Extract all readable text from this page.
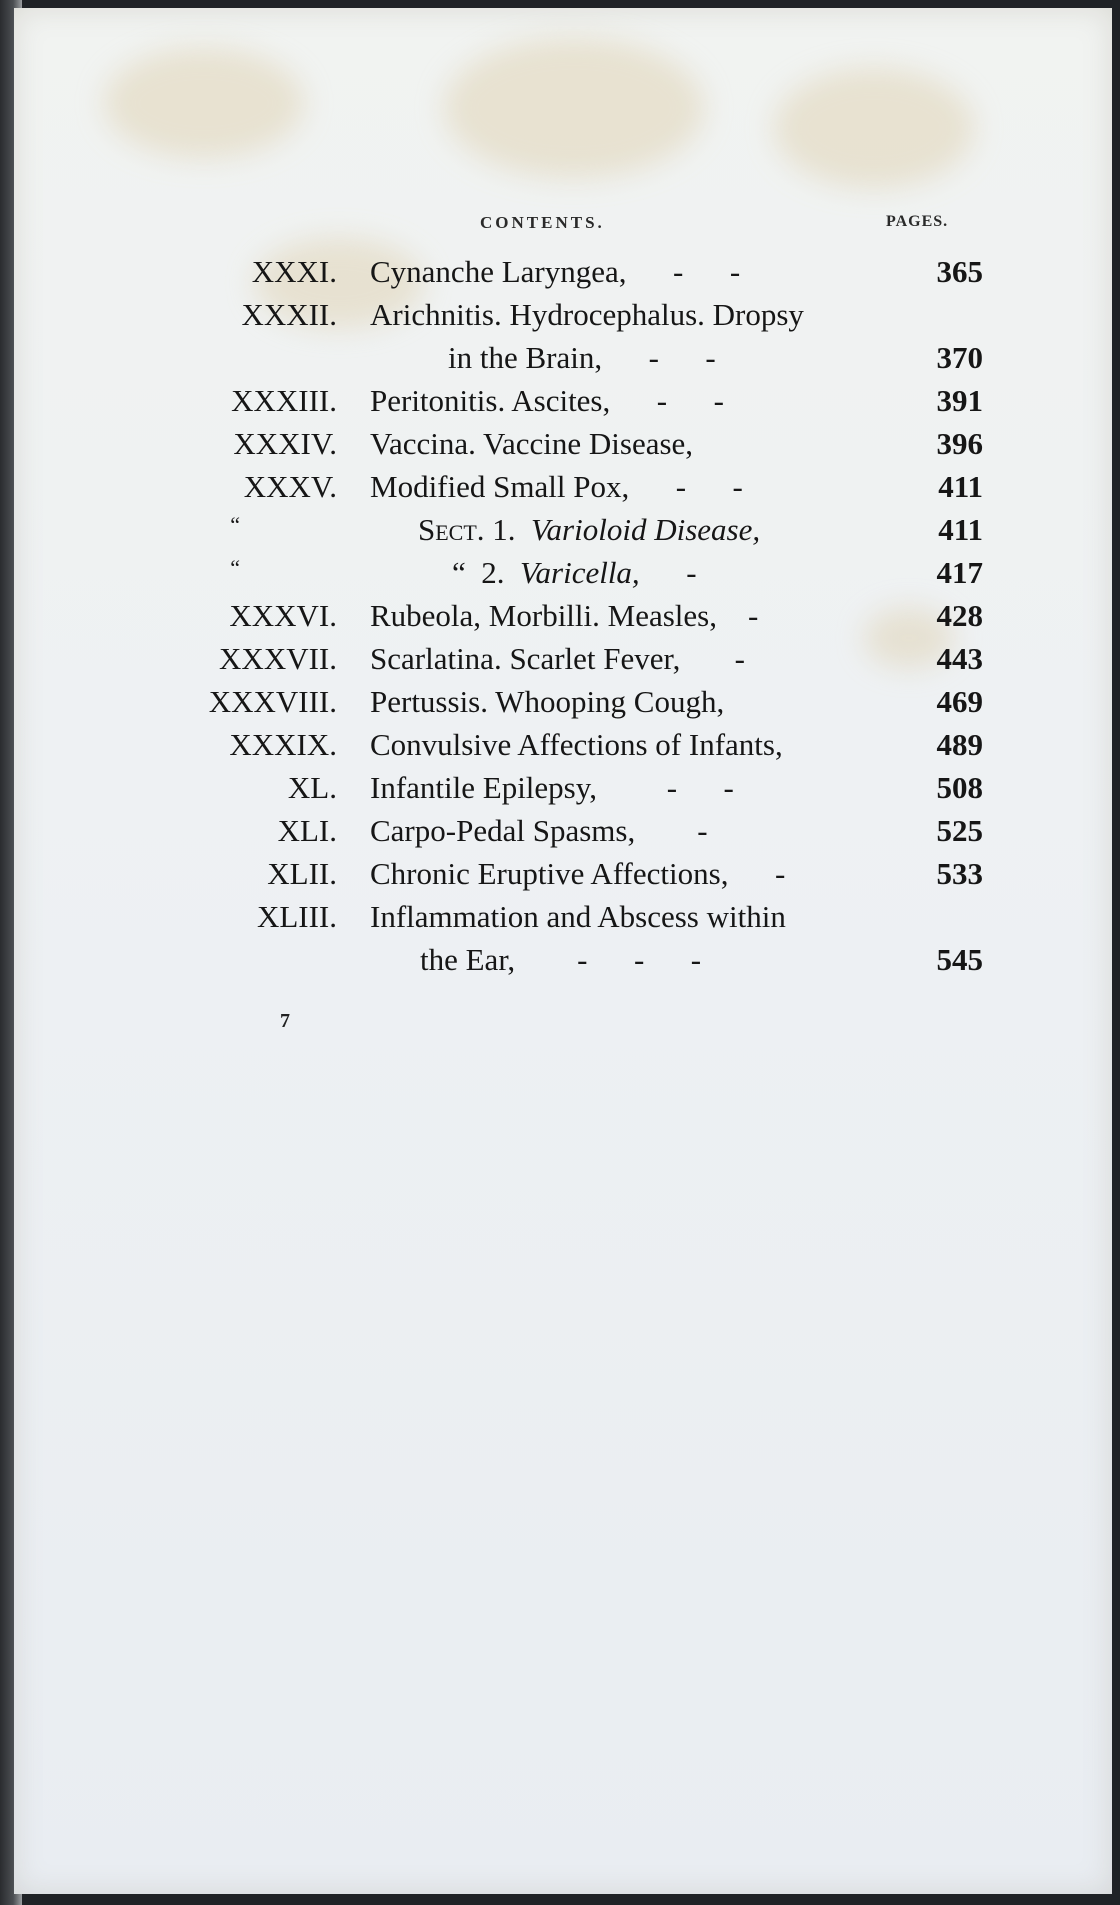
CONTENTS.	PAGES.
XXXI. Cynanche Laryngea, -      -	365
XXXII. Arichnitis. Hydrocephalus. Dropsy
in the Brain, -      -	370
XXXIII. Peritonitis. Ascites, -      -	391
XXXIV. Vaccina. Vaccine Disease,	396
XXXV. Modified Small Pox, -      -	411
“	Sect. 1. Varioloid Disease,	411
“	“  2. Varicella, -	417
XXXVI. Rubeola, Morbilli. Measles, -	428
XXXVII. Scarlatina. Scarlet Fever, -	443
XXXVIII. Pertussis. Whooping Cough,	469
XXXIX. Convulsive Affections of Infants,	489
XL. Infantile Epilepsy, -      -	508
XLI. Carpo-Pedal Spasms, -	525
XLII. Chronic Eruptive Affections, -	533
XLIII. Inflammation and Abscess within
the Ear, -      -      -	545
7
